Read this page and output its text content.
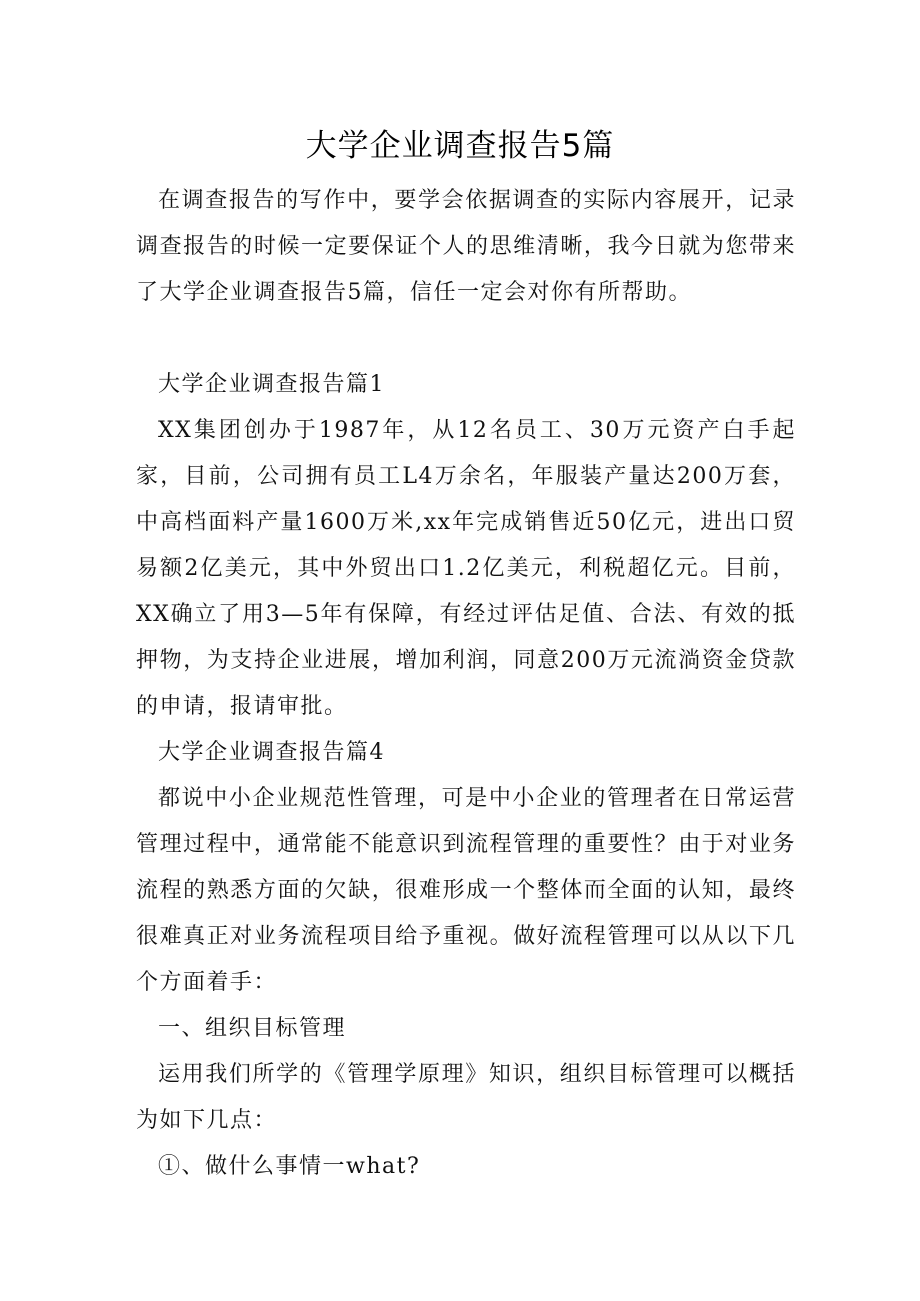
大学企业调查报告5篇

在调查报告的写作中，要学会依据调查的实际内容展开，记录调查报告的时候一定要保证个人的思维清晰，我今日就为您带来了大学企业调查报告5篇，信任一定会对你有所帮助。

大学企业调查报告篇1

XX集团创办于1987年，从12名员工、30万元资产白手起家，目前，公司拥有员工L4万余名，年服装产量达200万套，中高档面料产量1600万米,xx年完成销售近50亿元，进出口贸易额2亿美元，其中外贸出口1.2亿美元，利税超亿元。目前，XX确立了用3—5年有保障，有经过评估足值、合法、有效的抵押物，为支持企业进展，增加利润，同意200万元流淌资金贷款的申请，报请审批。

大学企业调查报告篇4

都说中小企业规范性管理，可是中小企业的管理者在日常运营管理过程中，通常能不能意识到流程管理的重要性？由于对业务流程的熟悉方面的欠缺，很难形成一个整体而全面的认知，最终很难真正对业务流程项目给予重视。做好流程管理可以从以下几个方面着手：

一、组织目标管理

运用我们所学的《管理学原理》知识，组织目标管理可以概括为如下几点：

①、做什么事情一what?
